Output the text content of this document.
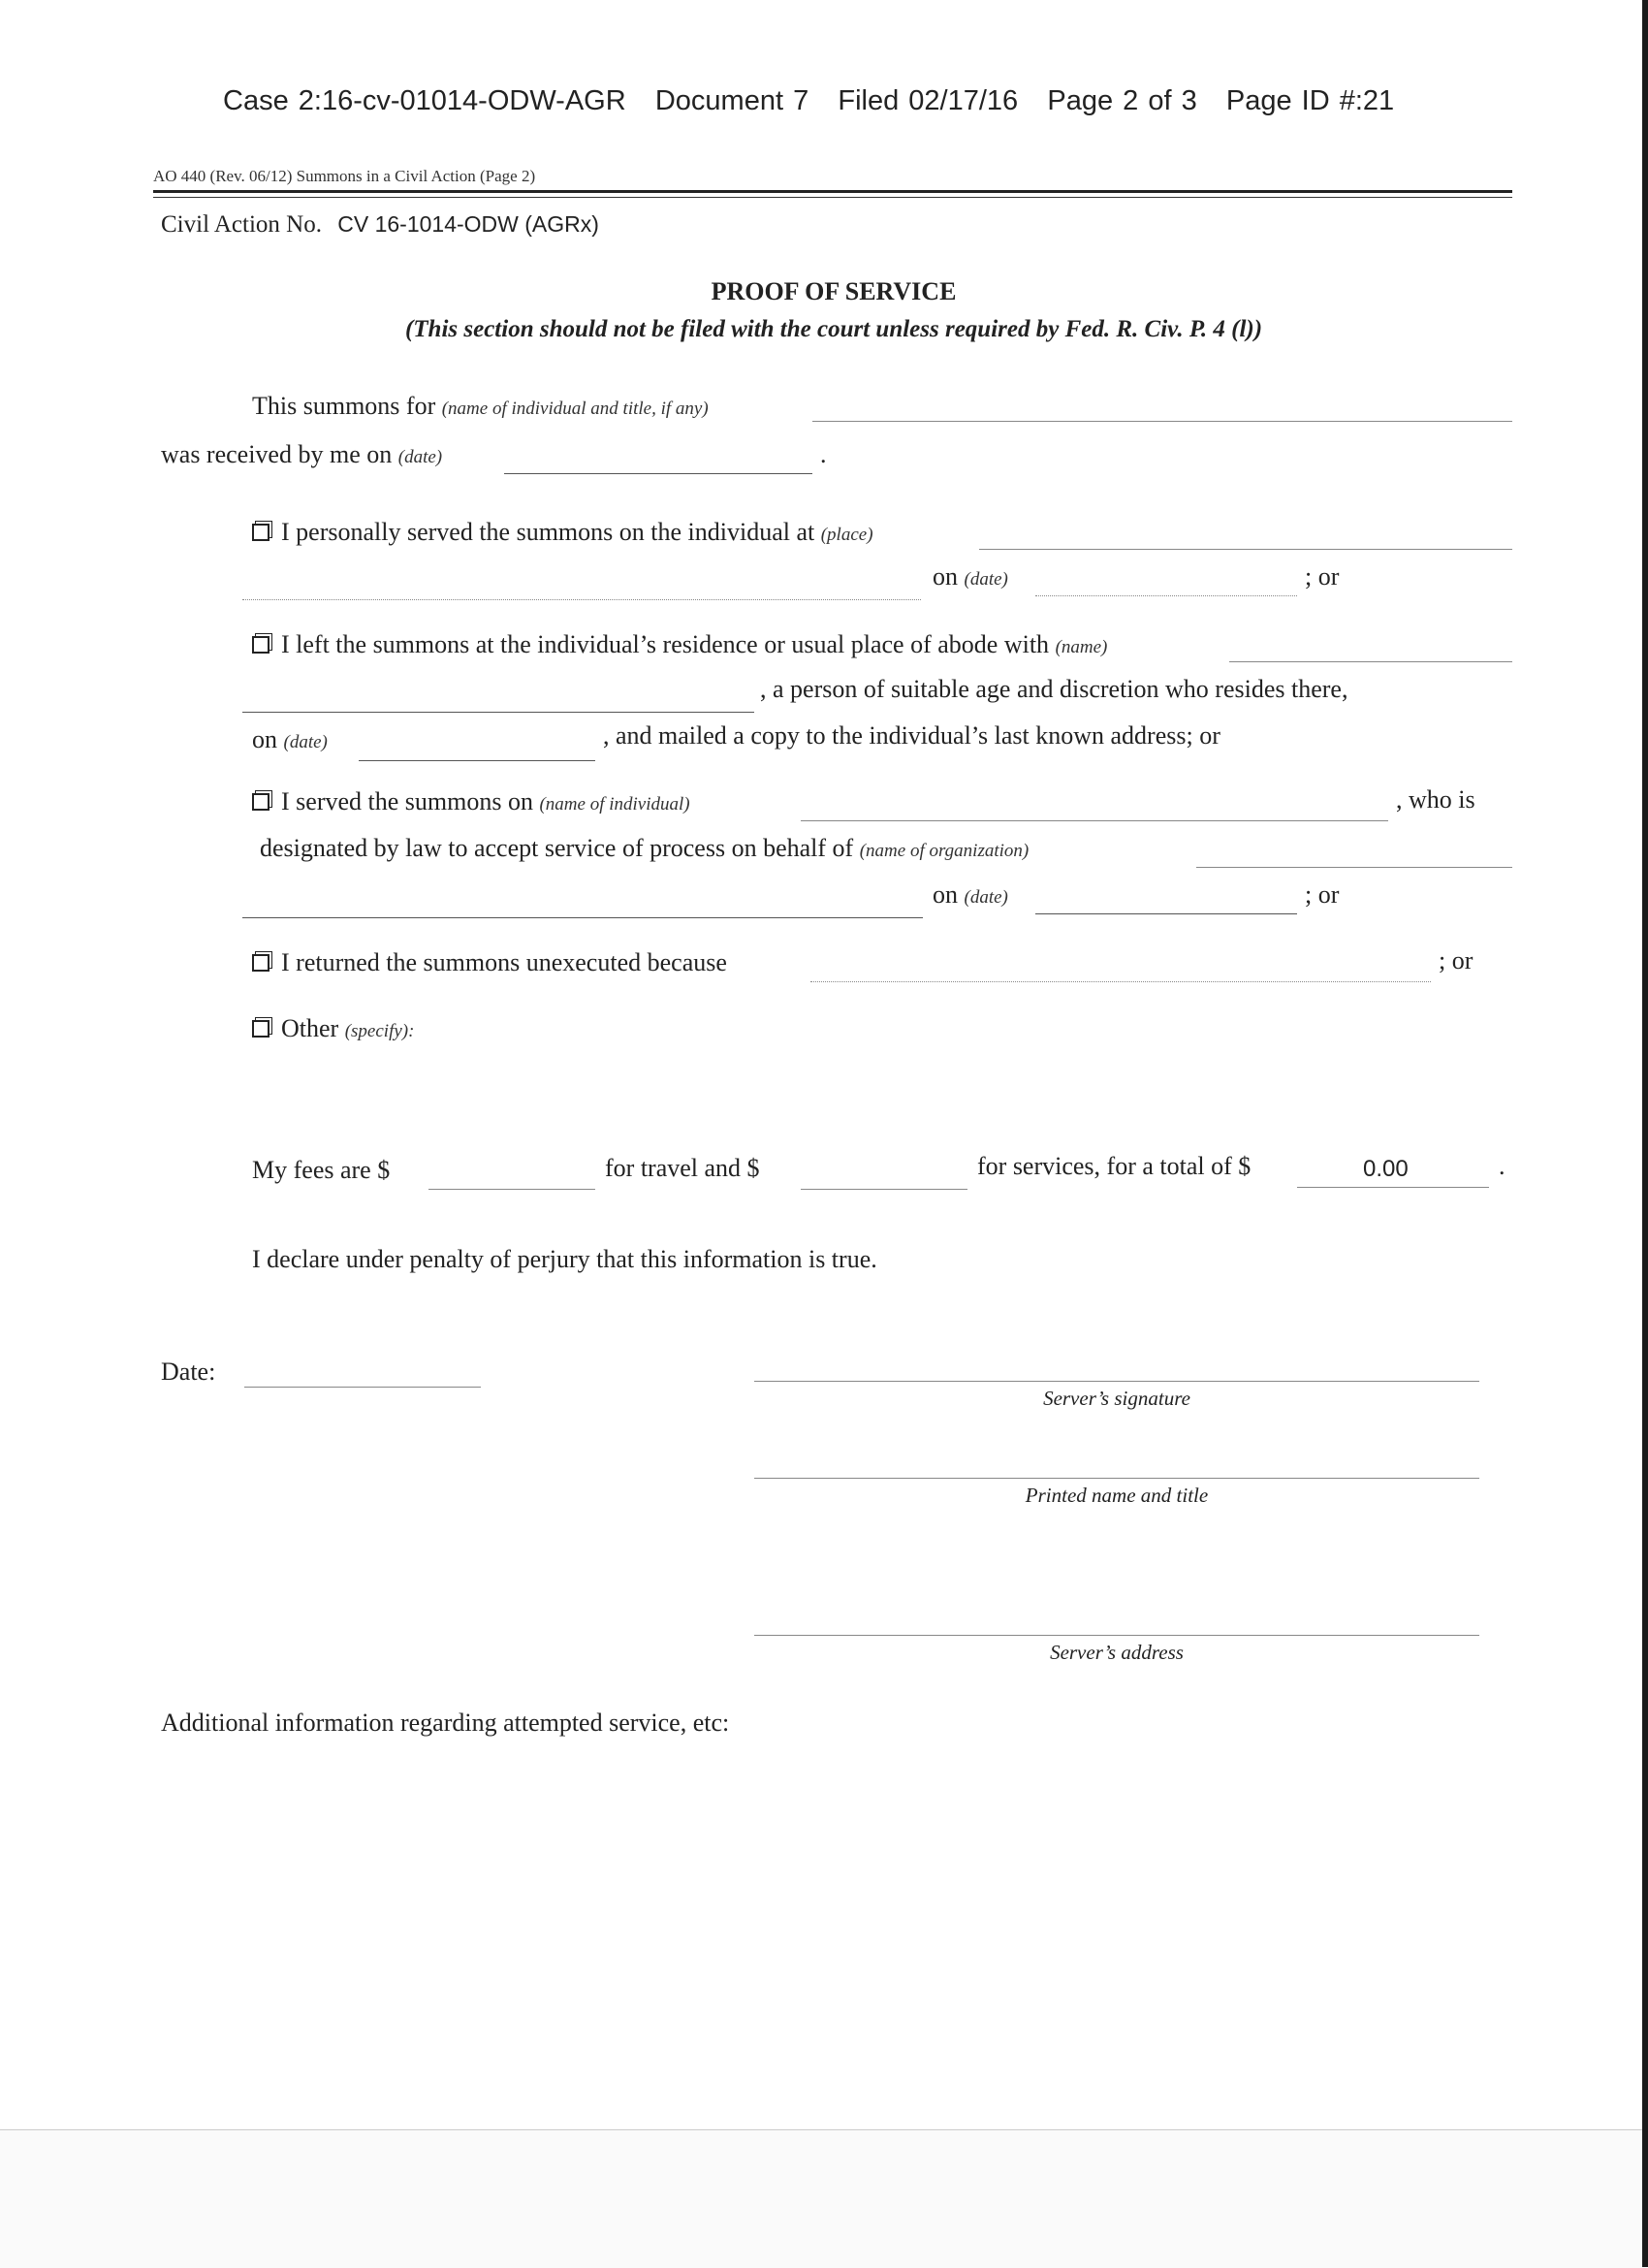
Case 2:16-cv-01014-ODW-AGR Document 7 Filed 02/17/16 Page 2 of 3 Page ID #:21
AO 440 (Rev. 06/12) Summons in a Civil Action (Page 2)
Civil Action No. CV 16-1014-ODW (AGRx)
PROOF OF SERVICE
(This section should not be filed with the court unless required by Fed. R. Civ. P. 4 (l))
This summons for (name of individual and title, if any)
was received by me on (date)	.
I personally served the summons on the individual at (place)
on (date)	; or
I left the summons at the individual’s residence or usual place of abode with (name)
, a person of suitable age and discretion who resides there,
on (date)	, and mailed a copy to the individual’s last known address; or
I served the summons on (name of individual)	, who is
designated by law to accept service of process on behalf of (name of organization)
on (date)	; or
I returned the summons unexecuted because	; or
Other (specify):
My fees are $	for travel and $	for services, for a total of $	0.00	.
I declare under penalty of perjury that this information is true.
Date:
Server’s signature
Printed name and title
Server’s address
Additional information regarding attempted service, etc:
